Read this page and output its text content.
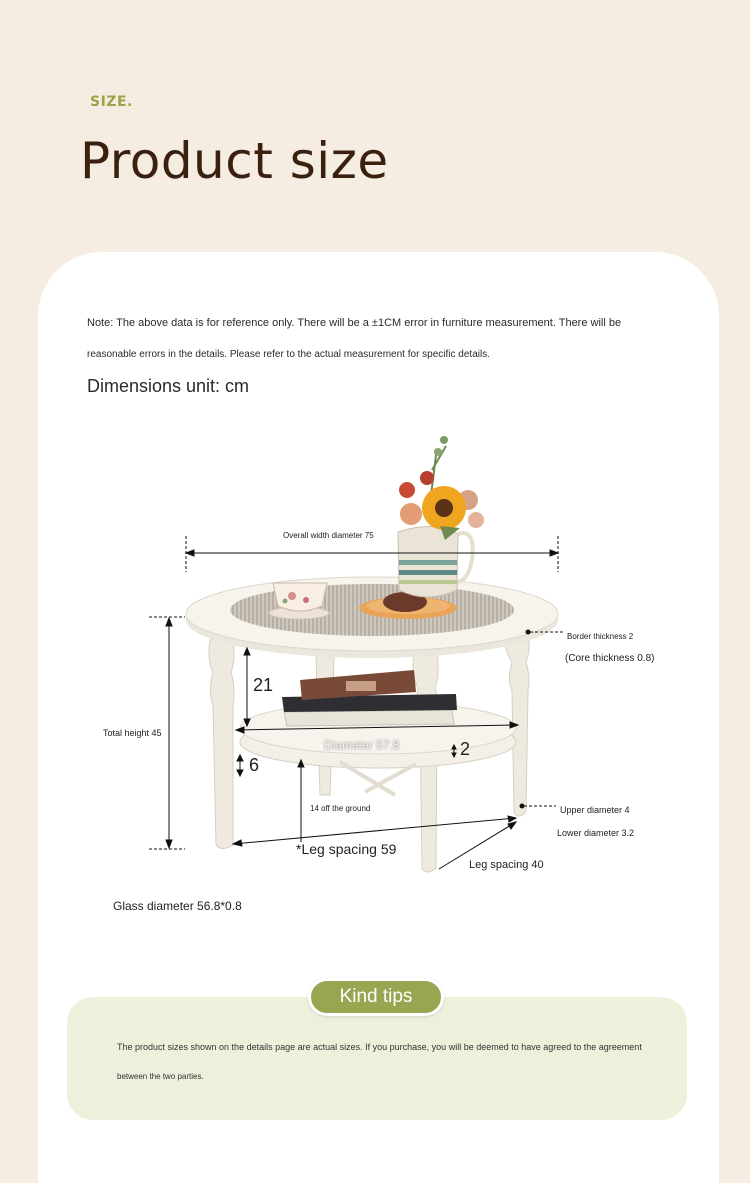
SIZE.
Product size
Note: The above data is for reference only. There will be a ±1CM error in furniture measurement. There will be
reasonable errors in the details. Please refer to the actual measurement for specific details.
Dimensions unit: cm
Overall width diameter 75
Border thickness 2
(Core thickness 0.8)
Total height 45
21
Diameter 57.8	2
6
14 off the ground	Upper diameter 4
Lower diameter 3.2
*Leg spacing 59
Leg spacing 40
Glass diameter 56.8*0.8
Kind tips
The product sizes shown on the details page are actual sizes. If you purchase, you will be deemed to have agreed to the agreement
between the two parties.
